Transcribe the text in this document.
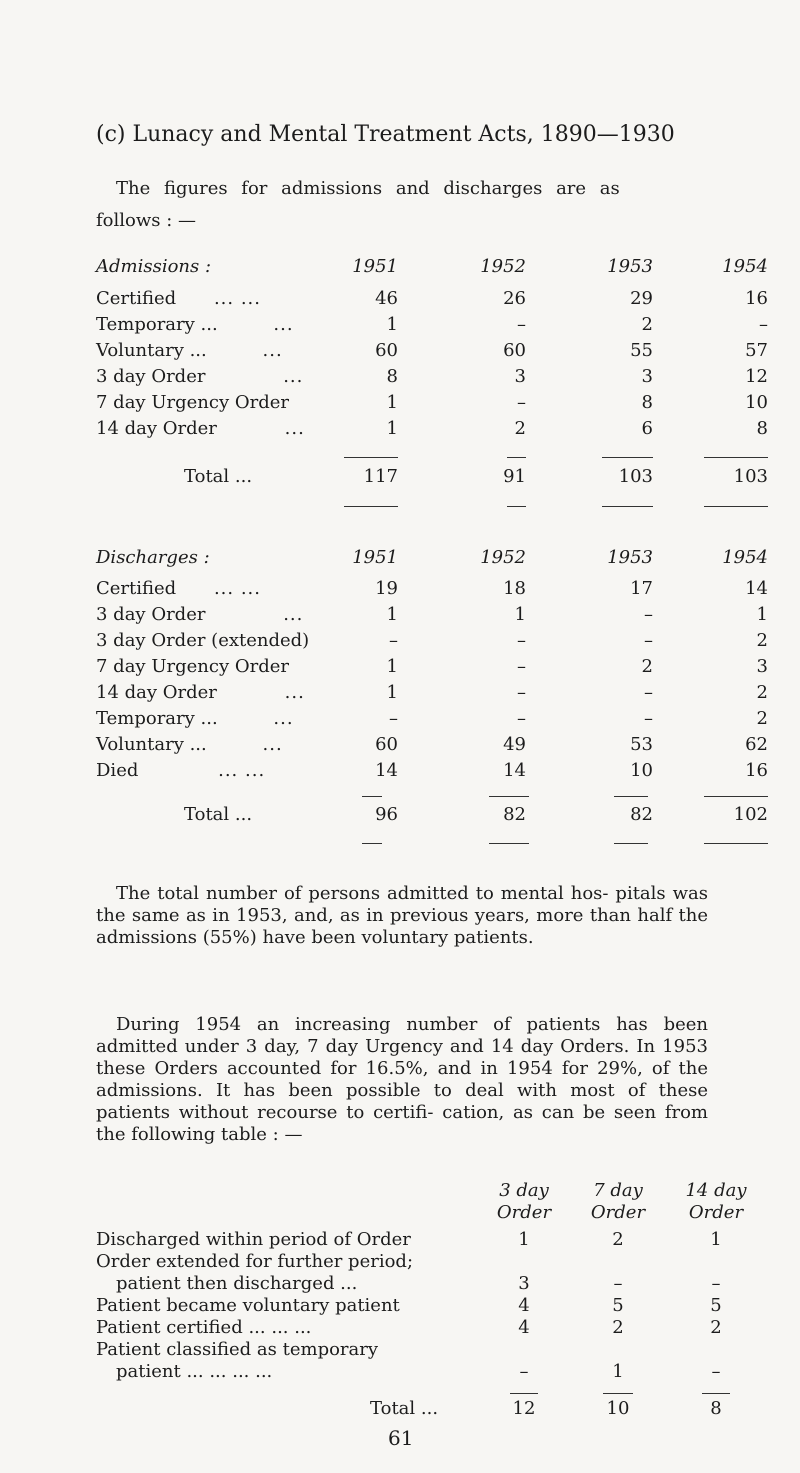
(c) Lunacy and Mental Treatment Acts, 1890—1930
The figures for admissions and discharges are as
follows : —
Admissions :	1951	1952	1953	1954
Certified ... ...	46	26	29	16
Temporary ...	...	1	–	2	–
Voluntary ...	...	60	60	55	57
3 day Order	...	8	3	3	12
7 day Urgency Order	1	–	8	10
14 day Order	...	1	2	6	8
Total ...	117	91	103	103
Discharges :	1951	1952	1953	1954
Certified ... ...	19	18	17	14
3 day Order	...	1	1	–	1
3 day Order (extended)	–	–	–	2
7 day Urgency Order	1	–	2	3
14 day Order	...	1	–	–	2
Temporary ...	...	–	–	–	2
Voluntary ...	...	60	49	53	62
Died	... ...	14	14	10	16
Total ...	96	82	82	102
The total number of persons admitted to mental hos- pitals was the same as in 1953, and, as in previous years, more than half the admissions (55%) have been voluntary patients.
During 1954 an increasing number of patients has been admitted under 3 day, 7 day Urgency and 14 day Orders. In 1953 these Orders accounted for 16.5%, and in 1954 for 29%, of the admissions. It has been possible to deal with most of these patients without recourse to certifi- cation, as can be seen from the following table : —
3 day	7 day	14 day
Order	Order	Order
Discharged within period of Order	1	2	1
Order extended for further period;
patient then discharged ...	3	–	–
Patient became voluntary patient	4	5	5
Patient certified ... ... ...	4	2	2
Patient classified as temporary
patient ... ... ... ...	–	1	–
Total ...	12	10	8
61
